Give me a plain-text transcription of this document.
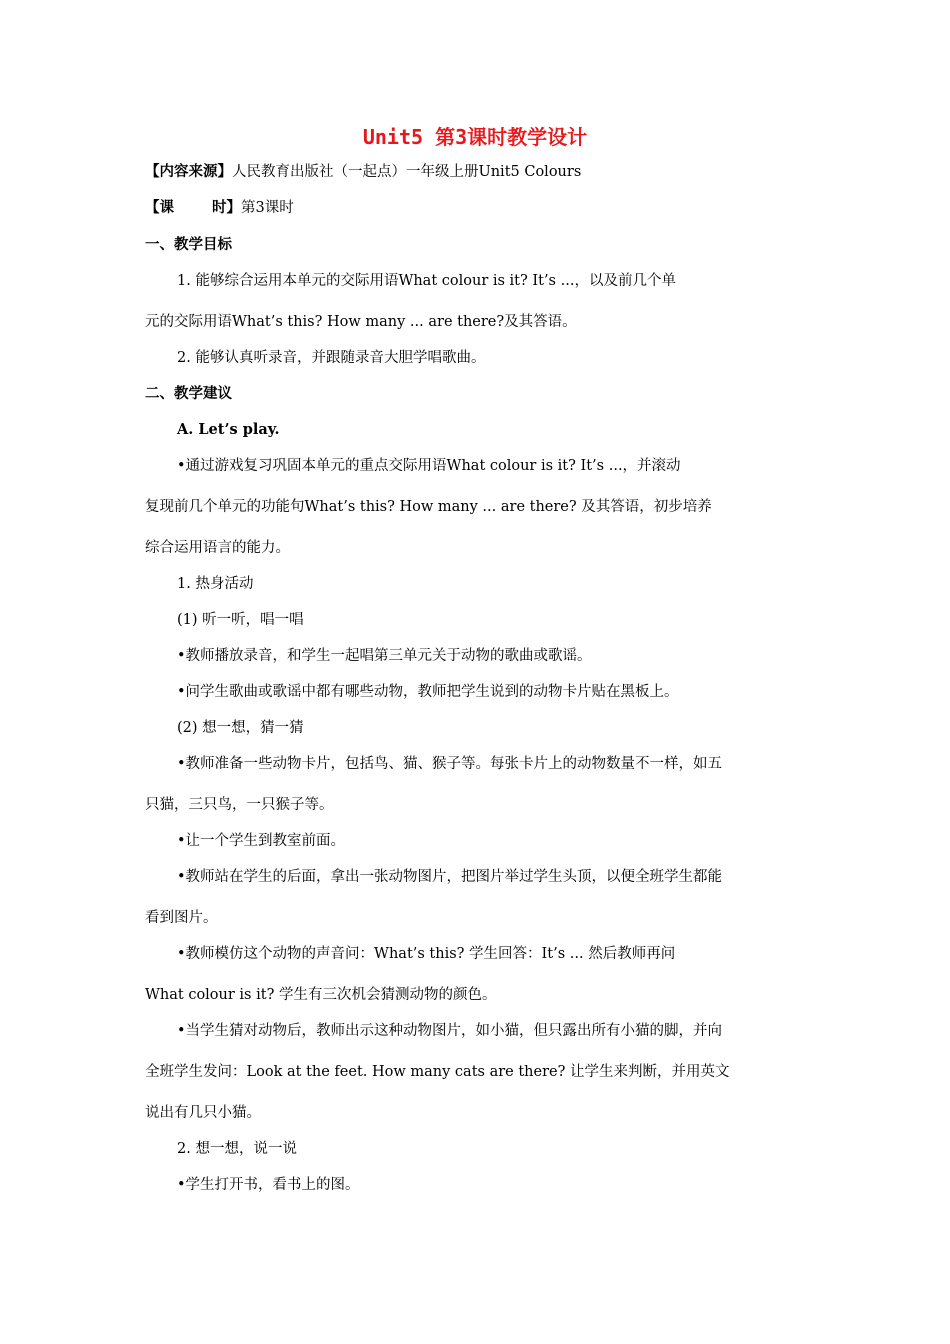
Unit5 第3课时教学设计
【内容来源】人民教育出版社（一起点）一年级上册Unit5 Colours
【课	时】第3课时
一、教学目标
1. 能够综合运用本单元的交际用语What colour is it? It’s ...，以及前几个单
元的交际用语What’s this? How many ... are there?及其答语。
2. 能够认真听录音，并跟随录音大胆学唱歌曲。
二、教学建议
A. Let’s play.
•通过游戏复习巩固本单元的重点交际用语What colour is it? It’s ...，并滚动
复现前几个单元的功能句What’s this? How many ... are there? 及其答语，初步培养
综合运用语言的能力。
1. 热身活动
(1) 听一听，唱一唱
•教师播放录音，和学生一起唱第三单元关于动物的歌曲或歌谣。
•问学生歌曲或歌谣中都有哪些动物，教师把学生说到的动物卡片贴在黑板上。
(2) 想一想，猜一猜
•教师准备一些动物卡片，包括鸟、猫、猴子等。每张卡片上的动物数量不一样，如五
只猫，三只鸟，一只猴子等。
•让一个学生到教室前面。
•教师站在学生的后面，拿出一张动物图片，把图片举过学生头顶，以便全班学生都能
看到图片。
•教师模仿这个动物的声音问：What’s this? 学生回答：It’s ... 然后教师再问
What colour is it? 学生有三次机会猜测动物的颜色。
•当学生猜对动物后，教师出示这种动物图片，如小猫，但只露出所有小猫的脚，并向
全班学生发问：Look at the feet. How many cats are there? 让学生来判断，并用英文
说出有几只小猫。
2. 想一想，说一说
•学生打开书，看书上的图。
